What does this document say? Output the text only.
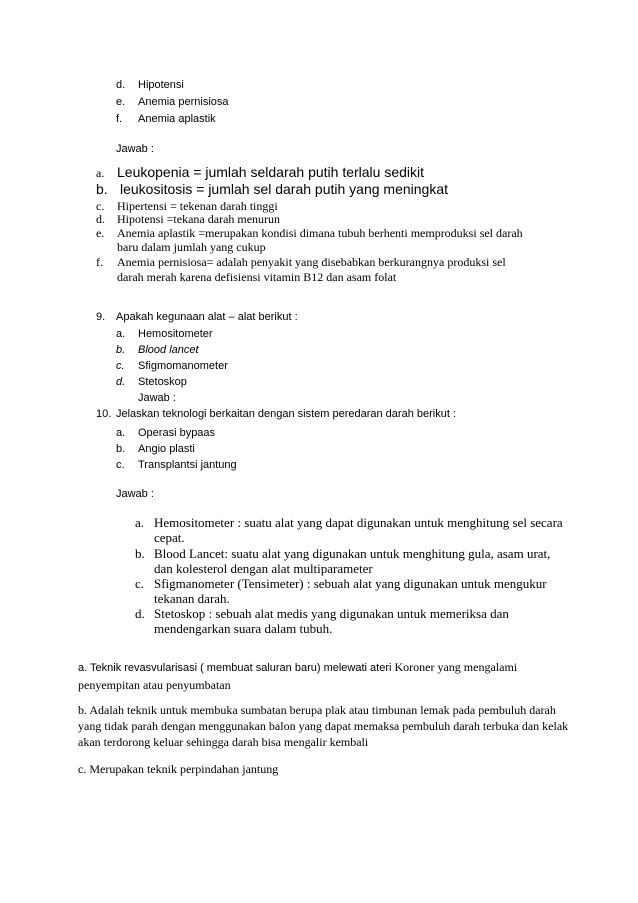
d. Hipotensi
e. Anemia pernisiosa
f. Anemia aplastik
Jawab :
a. Leukopenia = jumlah seldarah putih terlalu sedikit
b. leukositosis = jumlah sel darah putih yang meningkat
c. Hipertensi = tekenan darah tinggi
d. Hipotensi =tekana darah menurun
e. Anemia aplastik =merupakan kondisi dimana tubuh berhenti memproduksi sel darah
baru dalam jumlah yang cukup
f. Anemia pernisiosa= adalah penyakit yang disebabkan berkurangnya produksi sel
darah merah karena defisiensi vitamin B12 dan asam folat
9. Apakah kegunaan alat – alat berikut :
a. Hemositometer
b. Blood lancet
c. Sfigmomanometer
d. Stetoskop
Jawab :
10. Jelaskan teknologi berkaitan dengan sistem peredaran darah berikut :
a. Operasi bypaas
b. Angio plasti
c. Transplantsi jantung
Jawab :
a. Hemositometer : suatu alat yang dapat digunakan untuk menghitung sel secara
cepat.
b. Blood Lancet: suatu alat yang digunakan untuk menghitung gula, asam urat,
dan kolesterol dengan alat multiparameter
c. Sfigmanometer (Tensimeter) : sebuah alat yang digunakan untuk mengukur
tekanan darah.
d. Stetoskop : sebuah alat medis yang digunakan untuk memeriksa dan
mendengarkan suara dalam tubuh.
a. Teknik revasvularisasi ( membuat saluran baru) melewati ateri Koroner yang mengalami
penyempitan atau penyumbatan
b. Adalah teknik untuk membuka sumbatan berupa plak atau timbunan lemak pada pembuluh darah
yang tidak parah dengan menggunakan balon yang dapat memaksa pembuluh darah terbuka dan kelak
akan terdorong keluar sehingga darah bisa mengalir kembali
c. Merupakan teknik perpindahan jantung
